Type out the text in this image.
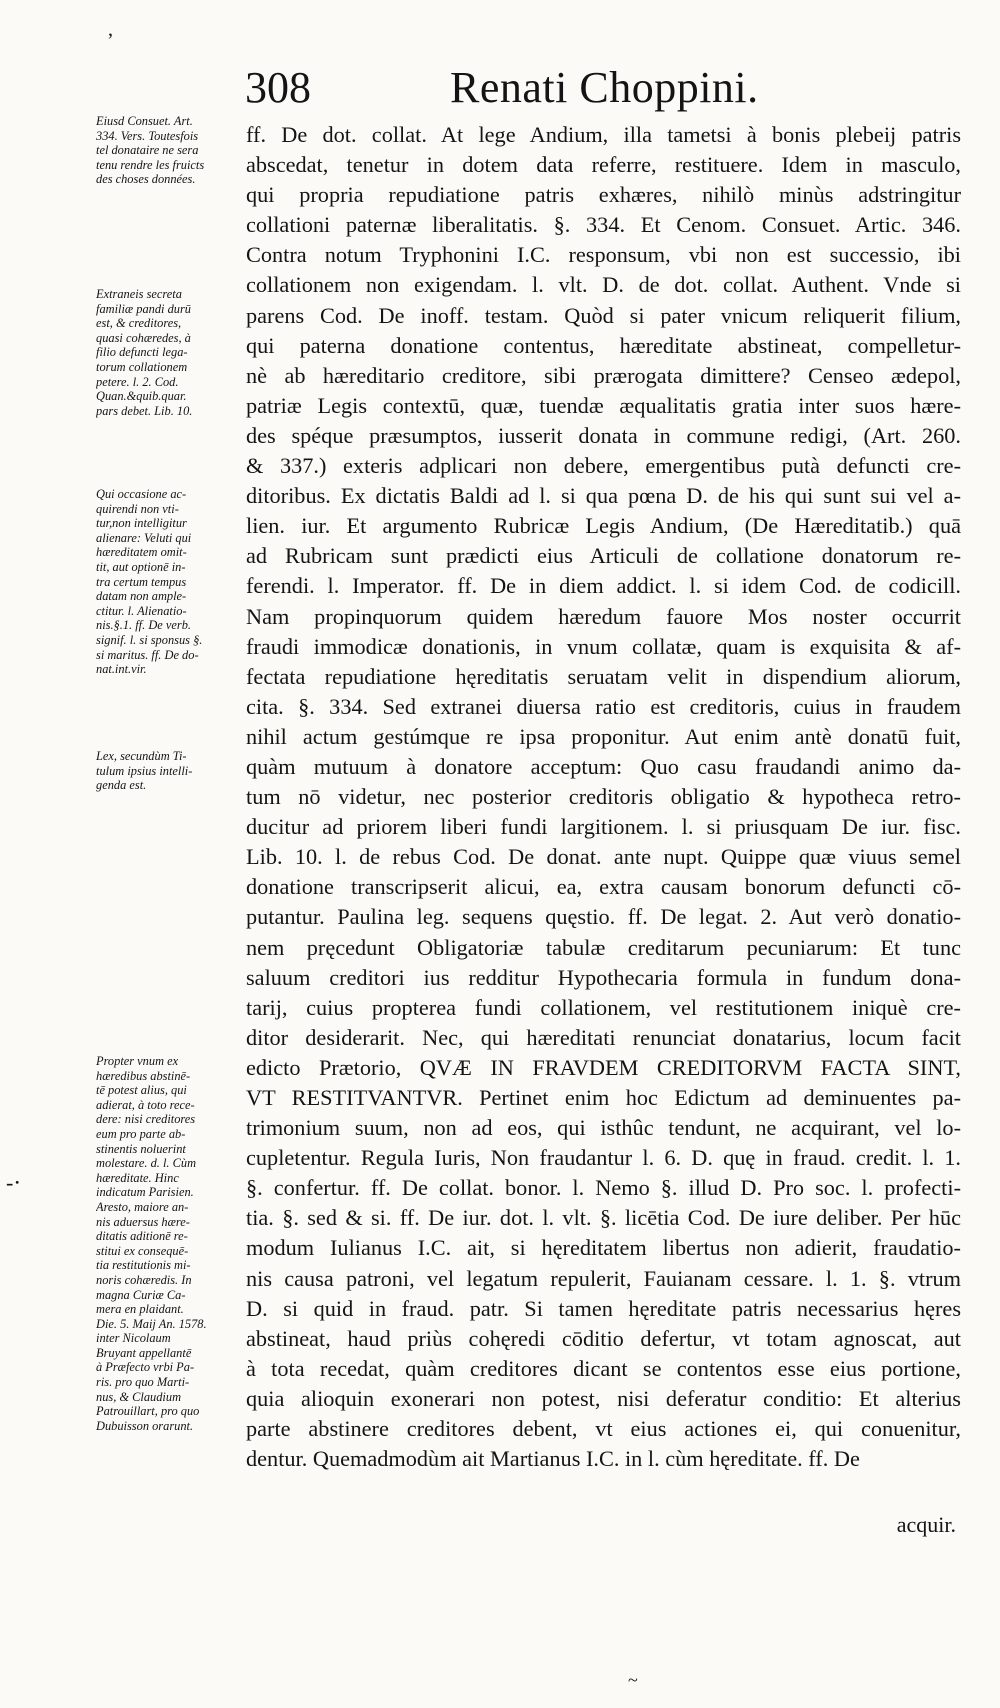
ʼ
-⋅
308	Renati Choppini.
Eiusd Consuet. Art.
334. Vers. Toutesfois
tel donataire ne sera
tenu rendre les fruicts
des choses données.
Extraneis secreta
familiæ pandi durū
est, & creditores,
quasi cohæredes, à
filio defuncti lega-
torum collationem
petere. l. 2. Cod.
Quan.&quib.quar.
pars debet. Lib. 10.
Qui occasione ac-
quirendi non vti-
tur,non intelligitur
alienare: Veluti qui
hæreditatem omit-
tit, aut optionē in-
tra certum tempus
datam non ample-
ctitur. l. Alienatio-
nis.§.1. ff. De verb.
signif. l. si sponsus §.
si maritus. ff. De do-
nat.int.vir.
Lex, secundùm Ti-
tulum ipsius intelli-
genda est.
Propter vnum ex
hæredibus abstinē-
tē potest alius, qui
adierat, à toto rece-
dere: nisi creditores
eum pro parte ab-
stinentis noluerint
molestare. d. l. Cùm
hæreditate. Hinc
indicatum Parisien.
Aresto, maiore an-
nis aduersus hære-
ditatis aditionē re-
stitui ex consequē-
tia restitutionis mi-
noris cohæredis. In
magna Curiæ Ca-
mera en plaidant.
Die. 5. Maij An. 1578.
inter Nicolaum
Bruyant appellantē
à Præfecto vrbi Pa-
ris. pro quo Marti-
nus, & Claudium
Patrouillart, pro quo
Dubuisson orarunt.
ff. De dot. collat. At lege Andium, illa tametsi à bonis plebeij patris
abscedat, tenetur in dotem data referre, restituere. Idem in masculo,
qui propria repudiatione patris exhæres, nihilò minùs adstringitur
collationi paternæ liberalitatis. §. 334. Et Cenom. Consuet. Artic. 346.
Contra notum Tryphonini I.C. responsum, vbi non est successio, ibi
collationem non exigendam. l. vlt. D. de dot. collat. Authent. Vnde si
parens Cod. De inoff. testam. Quòd si pater vnicum reliquerit filium,
qui paterna donatione contentus, hæreditate abstineat, compelletur-
nè ab hæreditario creditore, sibi prærogata dimittere? Censeo ædepol,
patriæ Legis contextū, quæ, tuendæ æqualitatis gratia inter suos hære-
des spéque præsumptos, iusserit donata in commune redigi, (Art. 260.
& 337.) exteris adplicari non debere, emergentibus putà defuncti cre-
ditoribus. Ex dictatis Baldi ad l. si qua pœna D. de his qui sunt sui vel a-
lien. iur. Et argumento Rubricæ Legis Andium, (De Hæreditatib.) quā
ad Rubricam sunt prædicti eius Articuli de collatione donatorum re-
ferendi. l. Imperator. ff. De in diem addict. l. si idem Cod. de codicill.
Nam propinquorum quidem hæredum fauore Mos noster occurrit
fraudi immodicæ donationis, in vnum collatæ, quam is exquisita & af-
fectata repudiatione hęreditatis seruatam velit in dispendium aliorum,
cita. §. 334. Sed extranei diuersa ratio est creditoris, cuius in fraudem
nihil actum gestúmque re ipsa proponitur. Aut enim antè donatū fuit,
quàm mutuum à donatore acceptum: Quo casu fraudandi animo da-
tum nō videtur, nec posterior creditoris obligatio & hypotheca retro-
ducitur ad priorem liberi fundi largitionem. l. si priusquam De iur. fisc.
Lib. 10. l. de rebus Cod. De donat. ante nupt. Quippe quæ viuus semel
donatione transcripserit alicui, ea, extra causam bonorum defuncti cō-
putantur. Paulina leg. sequens quęstio. ff. De legat. 2. Aut verò donatio-
nem pręcedunt Obligatoriæ tabulæ creditarum pecuniarum: Et tunc
saluum creditori ius redditur Hypothecaria formula in fundum dona-
tarij, cuius propterea fundi collationem, vel restitutionem iniquè cre-
ditor desiderarit. Nec, qui hæreditati renunciat donatarius, locum facit
edicto Prætorio, QVÆ IN FRAVDEM CREDITORVM FACTA SINT,
VT RESTITVANTVR. Pertinet enim hoc Edictum ad deminuentes pa-
trimonium suum, non ad eos, qui isthûc tendunt, ne acquirant, vel lo-
cupletentur. Regula Iuris, Non fraudantur l. 6. D. quę in fraud. credit. l. 1.
§. confertur. ff. De collat. bonor. l. Nemo §. illud D. Pro soc. l. profecti-
tia. §. sed & si. ff. De iur. dot. l. vlt. §. licētia Cod. De iure deliber. Per hūc
modum Iulianus I.C. ait, si hęreditatem libertus non adierit, fraudatio-
nis causa patroni, vel legatum repulerit, Fauianam cessare. l. 1. §. vtrum
D. si quid in fraud. patr. Si tamen hęreditate patris necessarius hęres
abstineat, haud priùs cohęredi cōditio defertur, vt totam agnoscat, aut
à tota recedat, quàm creditores dicant se contentos esse eius portione,
quia alioquin exonerari non potest, nisi deferatur conditio: Et alterius
parte abstinere creditores debent, vt eius actiones ei, qui conuenitur,
dentur. Quemadmodùm ait Martianus I.C. in l. cùm hęreditate. ff. De
acquir.
~
